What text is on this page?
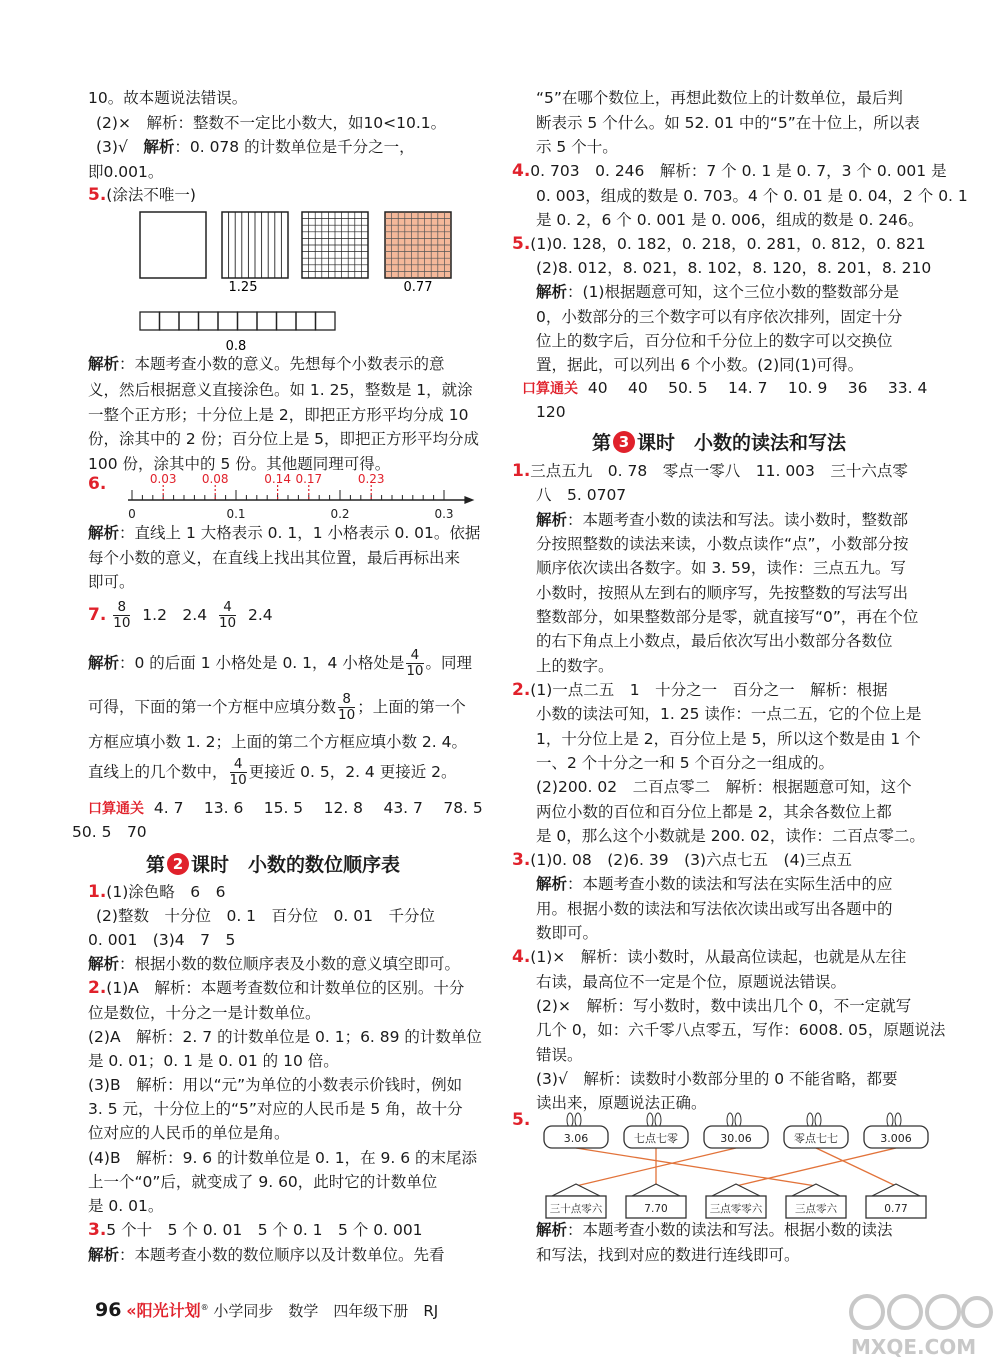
10。故本题说法错误。
(2)×　解析：整数不一定比小数大，如10<10.1。
(3)√　解析：0. 078 的计数单位是千分之一，
即0.001。
5.(涂法不唯一)
1.25	0.77
0.8
解析：本题考查小数的意义。先想每个小数表示的意
义，然后根据意义直接涂色。如 1. 25，整数是 1，就涂
一整个正方形；十分位上是 2，即把正方形平均分成 10
份，涂其中的 2 份；百分位上是 5，即把正方形平均分成
100 份，涂其中的 5 份。其他题同理可得。
6.
0	0.1	0.2	0.3
0.03 0.08	0.14 0.17	0.23
解析：直线上 1 大格表示 0. 1，1 小格表示 0. 01。依据
每个小数的意义，在直线上找出其位置，最后再标出来
即可。
7. $\frac{8}{10} 1.2$　$2.4 \frac{4}{10} 2.4$
解析：0 的后面 1 小格处是 0. 1，4 小格处是 $\frac{4}{10}$ 。同理
可得，下面的第一个方框中应填分数 $\frac{8}{10}$ ；上面的第一个
方框应填小数 1. 2；上面的第二个方框应填小数 2. 4。
直线上的几个数中， $\frac{4}{10}$ 更接近 0. 5，2. 4 更接近 2。
口算通关 4. 7　 13. 6　 15. 5　 12. 8　 43. 7　 78. 5
50. 5　70
第 2 课时　小数的数位顺序表
1.(1)涂色略　6　6
(2)整数　十分位　0. 1　百分位　0. 01　千分位
0. 001　(3)4　7　5
解析：根据小数的数位顺序表及小数的意义填空即可。
2.(1)A　解析：本题考查数位和计数单位的区别。十分
位是数位，十分之一是计数单位。
(2)A　解析：2. 7 的计数单位是 0. 1；6. 89 的计数单位
是 0. 01；0. 1 是 0. 01 的 10 倍。
(3)B　解析：用以“元”为单位的小数表示价钱时，例如
3. 5 元，十分位上的“5”对应的人民币是 5 角，故十分
位对应的人民币的单位是角。
(4)B　解析：9. 6 的计数单位是 0. 1，在 9. 6 的末尾添
上一个“0”后，就变成了 9. 60，此时它的计数单位
是 0. 01。
3.5 个十　5 个 0. 01　5 个 0. 1　5 个 0. 001
解析：本题考查小数的数位顺序以及计数单位。先看
“5”在哪个数位上，再想此数位上的计数单位，最后判
断表示 5 个什么。如 52. 01 中的“5”在十位上，所以表
示 5 个十。
4.0. 703　0. 246　解析：7 个 0. 1 是 0. 7，3 个 0. 001 是
0. 003，组成的数是 0. 703。4 个 0. 01 是 0. 04，2 个 0. 1
是 0. 2，6 个 0. 001 是 0. 006，组成的数是 0. 246。
5.(1)0. 128，0. 182，0. 218，0. 281，0. 812，0. 821
(2)8. 012，8. 021，8. 102，8. 120，8. 201，8. 210
解析：(1)根据题意可知，这个三位小数的整数部分是
0，小数部分的三个数字可以有序依次排列，固定十分
位上的数字后，百分位和千分位上的数字可以交换位
置，据此，可以列出 6 个小数。(2)同(1)可得。
口算通关 40　 40　 50. 5　 14. 7　 10. 9　 36　 33. 4
120
第 3 课时　小数的读法和写法
1.三点五九　0. 78　零点一零八　11. 003　三十六点零
八　5. 0707
解析：本题考查小数的读法和写法。读小数时，整数部
分按照整数的读法来读，小数点读作“点”，小数部分按
顺序依次读出各数字。如 3. 59，读作：三点五九。写
小数时，按照从左到右的顺序写，先按整数的写法写出
整数部分，如果整数部分是零，就直接写“0”，再在个位
的右下角点上小数点，最后依次写出小数部分各数位
上的数字。
2.(1)一点二五　1　十分之一　百分之一　解析：根据
小数的读法可知，1. 25 读作：一点二五，它的个位上是
1，十分位上是 2，百分位上是 5，所以这个数是由 1 个
一、2 个十分之一和 5 个百分之一组成的。
(2)200. 02　二百点零二　解析：根据题意可知，这个
两位小数的百位和百分位上都是 2，其余各数位上都
是 0，那么这个小数就是 200. 02，读作：二百点零二。
3.(1)0. 08　(2)6. 39　(3)六点七五　(4)三点五
解析：本题考查小数的读法和写法在实际生活中的应
用。根据小数的读法和写法依次读出或写出各题中的
数即可。
4.(1)×　解析：读小数时，从最高位读起，也就是从左往
右读，最高位不一定是个位，原题说法错误。
(2)×　解析：写小数时，数中读出几个 0，不一定就写
几个 0，如：六千零八点零五，写作：6008. 05，原题说法
错误。
(3)√　解析：读数时小数部分里的 0 不能省略，都要
读出来，原题说法正确。
5.
3.06	七点七零	30.06	零点七七	3.006
三十点零六	7.70	三点零零六	三点零六	0.77
解析：本题考查小数的读法和写法。根据小数的读法
和写法，找到对应的数进行连线即可。
96 «阳光计划® 小学同步　数学　四年级下册　RJ
MXQE.COM
